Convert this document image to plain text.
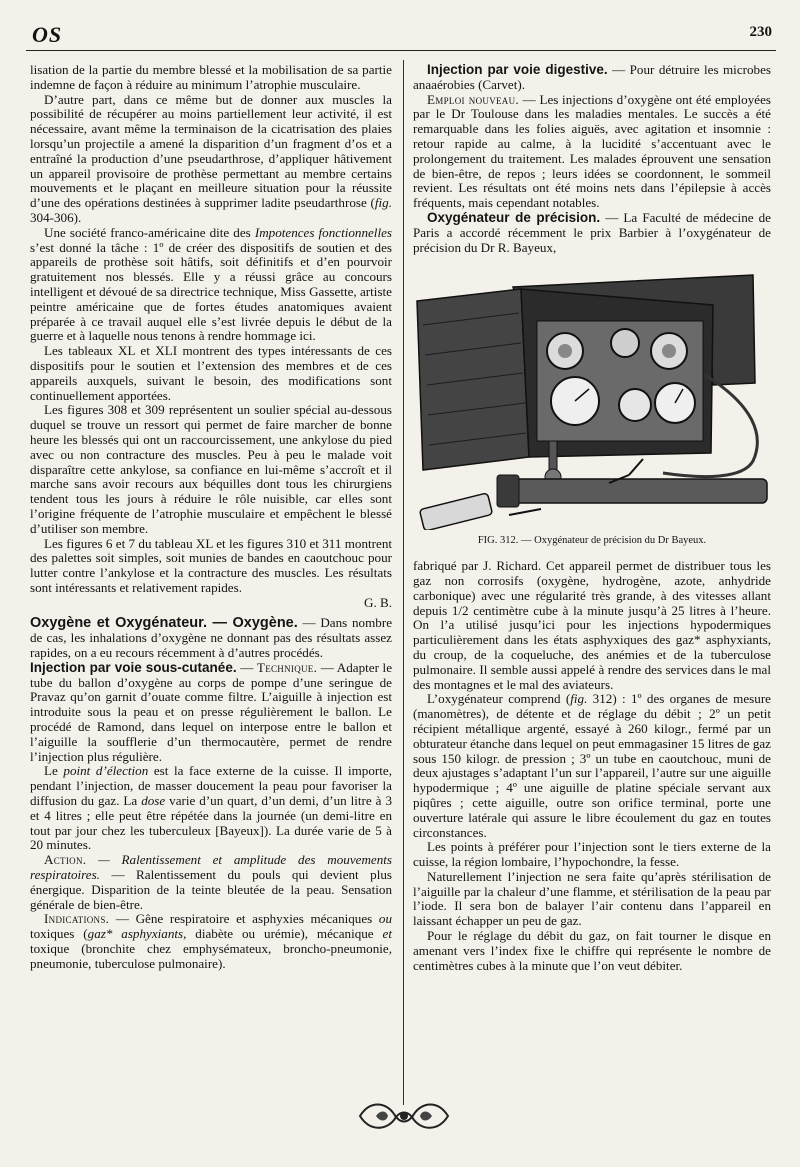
OS	230

lisation de la partie du membre blessé et la mobilisation de sa partie indemne de façon à réduire au minimum l’atrophie musculaire.

D’autre part, dans ce même but de donner aux muscles la possibilité de récupérer au moins partiellement leur activité, il est nécessaire, avant même la terminaison de la cicatrisation des plaies lorsqu’un projectile a amené la disparition d’un fragment d’os et a entraîné la production d’une pseudarthrose, d’appliquer hâtivement un appareil provisoire de prothèse permettant au membre certains mouvements et le plaçant en meilleure situation pour la réussite d’une des opérations destinées à supprimer ladite pseudarthrose (fig. 304-306).

Une société franco-américaine dite des Impotences fonctionnelles s’est donné la tâche : 1º de créer des dispositifs de soutien et des appareils de prothèse soit hâtifs, soit définitifs et d’en pourvoir gratuitement nos blessés. Elle y a réussi grâce au concours intelligent et dévoué de sa directrice technique, Miss Gassette, artiste peintre américaine que de fortes études anatomiques avaient préparée à ce travail auquel elle s’est livrée depuis le début de la guerre et à laquelle nous tenons à rendre hommage ici.

Les tableaux XL et XLI montrent des types intéressants de ces dispositifs pour le soutien et l’extension des membres et de ces appareils auxquels, suivant le besoin, des modifications sont continuellement apportées.

Les figures 308 et 309 représentent un soulier spécial au-dessous duquel se trouve un ressort qui permet de faire marcher de bonne heure les blessés qui ont un raccourcissement, une ankylose du pied avec ou non contracture des muscles. Peu à peu le malade voit disparaître cette ankylose, sa confiance en lui-même s’accroît et il marche sans avoir recours aux béquilles dont tous les chirurgiens tendent tous les jours à réduire le rôle nuisible, car elles sont l’origine fréquente de l’atrophie musculaire et empêchent le blessé d’utiliser son membre.

Les figures 6 et 7 du tableau XL et les figures 310 et 311 montrent des palettes soit simples, soit munies de bandes en caoutchouc pour lutter contre l’ankylose et la contracture des muscles. Les résultats sont intéressants et relativement rapides.

G. B.

Oxygène et Oxygénateur. — Oxygène. — Dans nombre de cas, les inhalations d’oxygène ne donnant pas des résultats assez rapides, on a eu recours récemment à d’autres procédés.

Injection par voie sous-cutanée. — Technique. — Adapter le tube du ballon d’oxygène au corps de pompe d’une seringue de Pravaz qu’on garnit d’ouate comme filtre. L’aiguille à injection est introduite sous la peau et on presse régulièrement le ballon. Le procédé de Ramond, dans lequel on interpose entre le ballon et l’aiguille la soufflerie d’un thermocautère, permet de rendre l’injection plus régulière.

Le point d’élection est la face externe de la cuisse. Il importe, pendant l’injection, de masser doucement la peau pour favoriser la diffusion du gaz. La dose varie d’un quart, d’un demi, d’un litre à 3 et 4 litres ; elle peut être répétée dans la journée (un demi-litre en tout par jour chez les tuberculeux [Bayeux]). La durée varie de 5 à 20 minutes.

Action. — Ralentissement et amplitude des mouvements respiratoires. — Ralentissement du pouls qui devient plus énergique. Disparition de la teinte bleutée de la peau. Sensation générale de bien-être.

Indications. — Gêne respiratoire et asphyxies mécaniques ou toxiques (gaz* asphyxiants, diabète ou urémie), mécanique et toxique (bronchite chez emphysémateux, broncho-pneumonie, pneumonie, tuberculose pulmonaire).

Injection par voie digestive. — Pour détruire les microbes anaaérobies (Carvet).

Emploi nouveau. — Les injections d’oxygène ont été employées par le Dr Toulouse dans les maladies mentales. Le succès a été remarquable dans les folies aiguës, avec agitation et insomnie : retour rapide au calme, à la lucidité s’accentuant avec le prolongement du traitement. Les malades éprouvent une sensation de bien-être, de repos ; leurs idées se coordonnent, le sommeil revient. Les résultats ont été moins nets dans l’épilepsie à accès fréquents, mais cependant notables.

Oxygénateur de précision. — La Faculté de médecine de Paris a accordé récemment le prix Barbier à l’oxygénateur de précision du Dr R. Bayeux,

FIG. 312. — Oxygénateur de précision du Dr Bayeux.

fabriqué par J. Richard. Cet appareil permet de distribuer tous les gaz non corrosifs (oxygène, hydrogène, azote, anhydride carbonique) avec une régularité très grande, à des vitesses allant depuis 1/2 centimètre cube à la minute jusqu’à 25 litres à l’heure. On l’a utilisé jusqu’ici pour les injections hypodermiques particulièrement dans les états asphyxiques des gaz* asphyxiants, du croup, de la coqueluche, des anémies et de la tuberculose pulmonaire. Il semble aussi appelé à rendre des services dans le mal des montagnes et le mal des aviateurs.

L’oxygénateur comprend (fig. 312) : 1º des organes de mesure (manomètres), de détente et de réglage du débit ; 2º un petit récipient métallique argenté, essayé à 260 kilogr., fermé par un obturateur étanche dans lequel on peut emmagasiner 15 litres de gaz sous 150 kilogr. de pression ; 3º un tube en caoutchouc, muni de deux ajustages s’adaptant l’un sur l’appareil, l’autre sur une aiguille hypodermique ; 4º une aiguille de platine spéciale servant aux piqûres ; cette aiguille, outre son orifice terminal, porte une ouverture latérale qui assure le libre écoulement du gaz en toutes circonstances.

Les points à préférer pour l’injection sont le tiers externe de la cuisse, la région lombaire, l’hypochondre, la fesse.

Naturellement l’injection ne sera faite qu’après stérilisation de l’aiguille par la chaleur d’une flamme, et stérilisation de la peau par l’iode. Il sera bon de balayer l’air contenu dans l’appareil en laissant échapper un peu de gaz.

Pour le réglage du débit du gaz, on fait tourner le disque en amenant vers l’index fixe le chiffre qui représente le nombre de centimètres cubes à la minute que l’on veut débiter.
